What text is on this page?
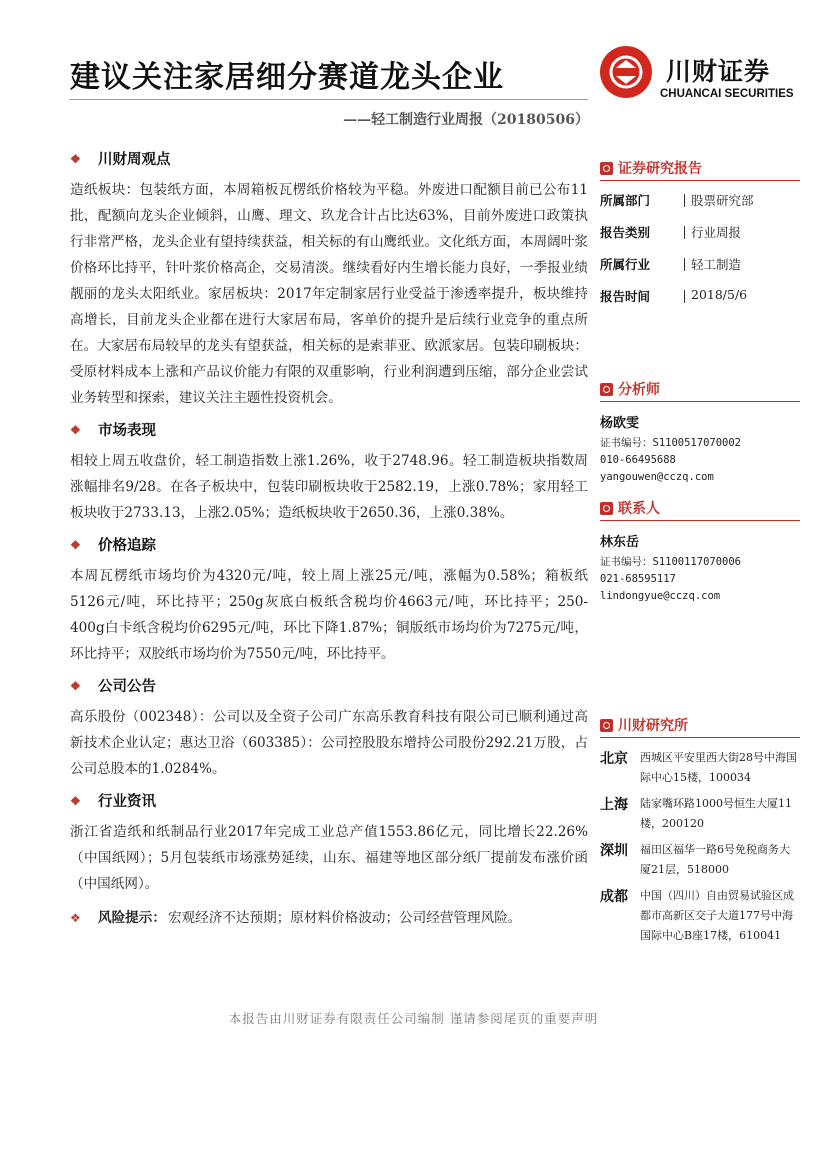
建议关注家居细分赛道龙头企业
——轻工制造行业周报（20180506）
川财证券
CHUANCAI SECURITIES
❖ 川财周观点
造纸板块：包装纸方面，本周箱板瓦楞纸价格较为平稳。外废进口配额目前已公布11批，配额向龙头企业倾斜，山鹰、理文、玖龙合计占比达63%，目前外废进口政策执行非常严格，龙头企业有望持续获益，相关标的有山鹰纸业。文化纸方面，本周阔叶浆价格环比持平，针叶浆价格高企，交易清淡。继续看好内生增长能力良好，一季报业绩靓丽的龙头太阳纸业。家居板块：2017年定制家居行业受益于渗透率提升，板块维持高增长，目前龙头企业都在进行大家居布局，客单价的提升是后续行业竞争的重点所在。大家居布局较早的龙头有望获益，相关标的是索菲亚、欧派家居。包装印刷板块：受原材料成本上涨和产品议价能力有限的双重影响，行业利润遭到压缩，部分企业尝试业务转型和探索，建议关注主题性投资机会。
❖ 市场表现
相较上周五收盘价，轻工制造指数上涨1.26%，收于2748.96。轻工制造板块指数周涨幅排名9/28。在各子板块中，包装印刷板块收于2582.19，上涨0.78%；家用轻工板块收于2733.13，上涨2.05%；造纸板块收于2650.36，上涨0.38%。
❖ 价格追踪
本周瓦楞纸市场均价为4320元/吨，较上周上涨25元/吨，涨幅为0.58%；箱板纸5126元/吨，环比持平；250g灰底白板纸含税均价4663元/吨，环比持平；250-400g白卡纸含税均价6295元/吨，环比下降1.87%；铜版纸市场均价为7275元/吨，环比持平；双胶纸市场均价为7550元/吨，环比持平。
❖ 公司公告
高乐股份（002348）：公司以及全资子公司广东高乐教育科技有限公司已顺利通过高新技术企业认定；惠达卫浴（603385）：公司控股股东增持公司股份292.21万股，占公司总股本的1.0284%。
❖ 行业资讯
浙江省造纸和纸制品行业2017年完成工业总产值1553.86亿元，同比增长22.26%（中国纸网）；5月包装纸市场涨势延续，山东、福建等地区部分纸厂提前发布涨价函（中国纸网）。
❖ 风险提示： 宏观经济不达预期；原材料价格波动；公司经营管理风险。
证券研究报告
所属部门	股票研究部
报告类别	行业周报
所属行业	轻工制造
报告时间	2018/5/6
分析师
杨欧雯
证书编号：S1100517070002
010-66495688
yangouwen@cczq.com
联系人
林东岳
证书编号：S1100117070006
021-68595117
lindongyue@cczq.com
川财研究所
北京	西城区平安里西大街28号中海国际中心15楼，100034
上海	陆家嘴环路1000号恒生大厦11楼，200120
深圳	福田区福华一路6号免税商务大厦21层，518000
成都	中国（四川）自由贸易试验区成都市高新区交子大道177号中海国际中心B座17楼，610041
本报告由川财证券有限责任公司编制 谨请参阅尾页的重要声明
